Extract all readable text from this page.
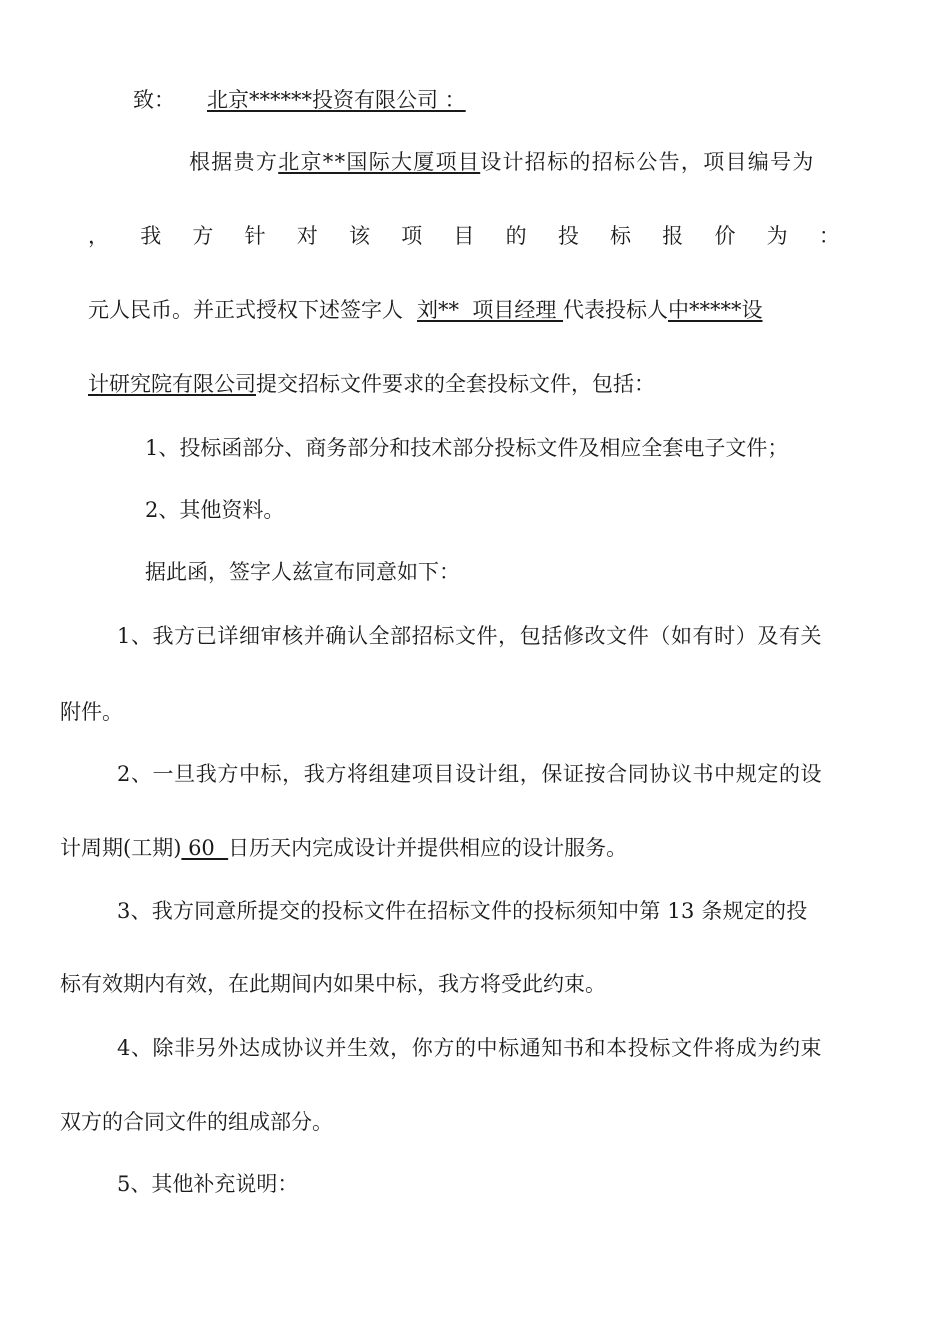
致： 北京******投资有限公司 ：
根据贵方北京**国际大厦项目设计招标的招标公告，项目编号为
， 我 方 针 对 该 项 目 的 投 标 报 价 为 ：
元人民币。并正式授权下述签字人 刘**  项目经理 代表投标人中*****设
计研究院有限公司提交招标文件要求的全套投标文件，包括：
1、投标函部分、商务部分和技术部分投标文件及相应全套电子文件；
2、其他资料。
据此函，签字人兹宣布同意如下：
1、我方已详细审核并确认全部招标文件，包括修改文件（如有时）及有关
附件。
2、一旦我方中标，我方将组建项目设计组，保证按合同协议书中规定的设
计周期(工期) 60  日历天内完成设计并提供相应的设计服务。
3、我方同意所提交的投标文件在招标文件的投标须知中第 13 条规定的投
标有效期内有效，在此期间内如果中标，我方将受此约束。
4、除非另外达成协议并生效，你方的中标通知书和本投标文件将成为约束
双方的合同文件的组成部分。
5、其他补充说明：
